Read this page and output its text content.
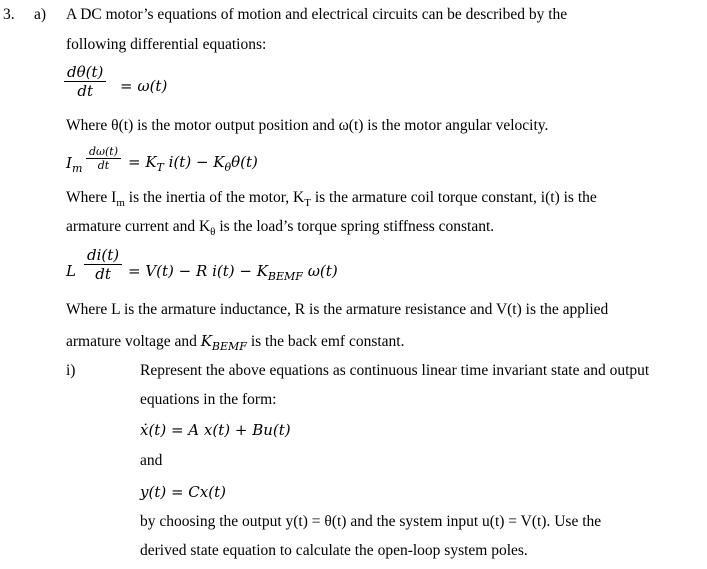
3. a) A DC motor’s equations of motion and electrical circuits can be described by the
following differential equations:
dθ(t)
dt = ω(t)
Where θ(t) is the motor output position and ω(t) is the motor angular velocity.
$I_m$
dω(t)
dt = $K_T$ $i(t) - K_\theta\theta(t)$
Where $I_m$ is the inertia of the motor, $K_T$ is the armature coil torque constant, i(t) is the
armature current and $K_\theta$ is the load’s torque spring stiffness constant.
L
di(t)
dt = V(t) − R $i(t) - K_{BEMF}$ ω(t)
Where L is the armature inductance, R is the armature resistance and V(t) is the applied
armature voltage and $K_{BEMF}$ is the back emf constant.
i)	Represent the above equations as continuous linear time invariant state and output
equations in the form:
ẋ(t) = A x(t) + Bu(t)
and
y(t) = Cx(t)
by choosing the output y(t) = θ(t) and the system input u(t) = V(t). Use the
derived state equation to calculate the open-loop system poles.
